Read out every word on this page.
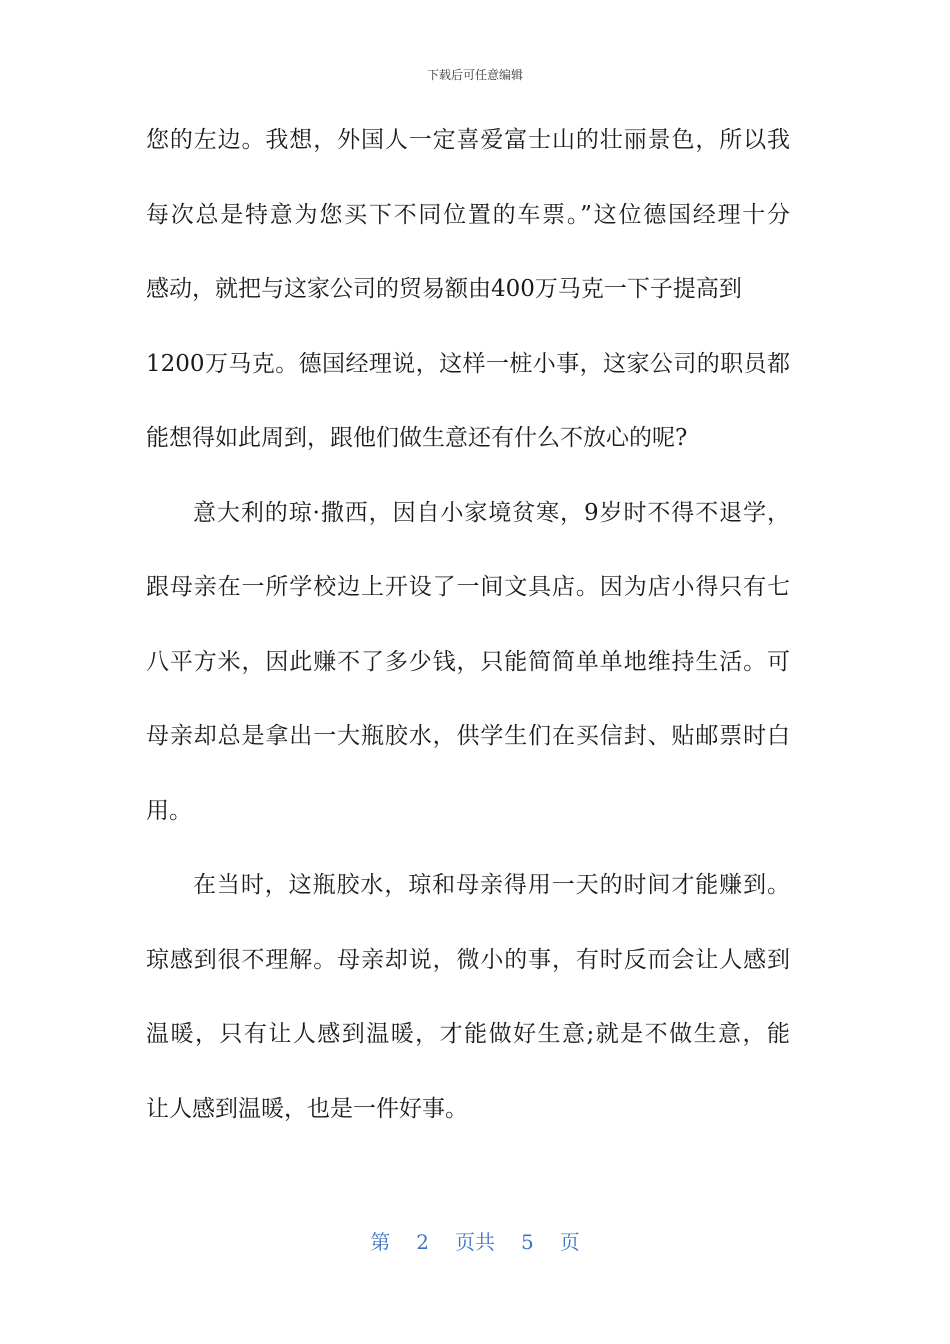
下载后可任意编辑
您的左边。我想，外国人一定喜爱富士山的壮丽景色，所以我
每次总是特意为您买下不同位置的车票。”这位德国经理十分
感动，就把与这家公司的贸易额由400万马克一下子提高到
1200万马克。德国经理说，这样一桩小事，这家公司的职员都
能想得如此周到，跟他们做生意还有什么不放心的呢?
意大利的琼·撒西，因自小家境贫寒，9岁时不得不退学，
跟母亲在一所学校边上开设了一间文具店。因为店小得只有七
八平方米，因此赚不了多少钱，只能简简单单地维持生活。可
母亲却总是拿出一大瓶胶水，供学生们在买信封、贴邮票时白
用。
在当时，这瓶胶水，琼和母亲得用一天的时间才能赚到。
琼感到很不理解。母亲却说，微小的事，有时反而会让人感到
温暖，只有让人感到温暖，才能做好生意;就是不做生意，能
让人感到温暖，也是一件好事。
第 2 页共 5 页
